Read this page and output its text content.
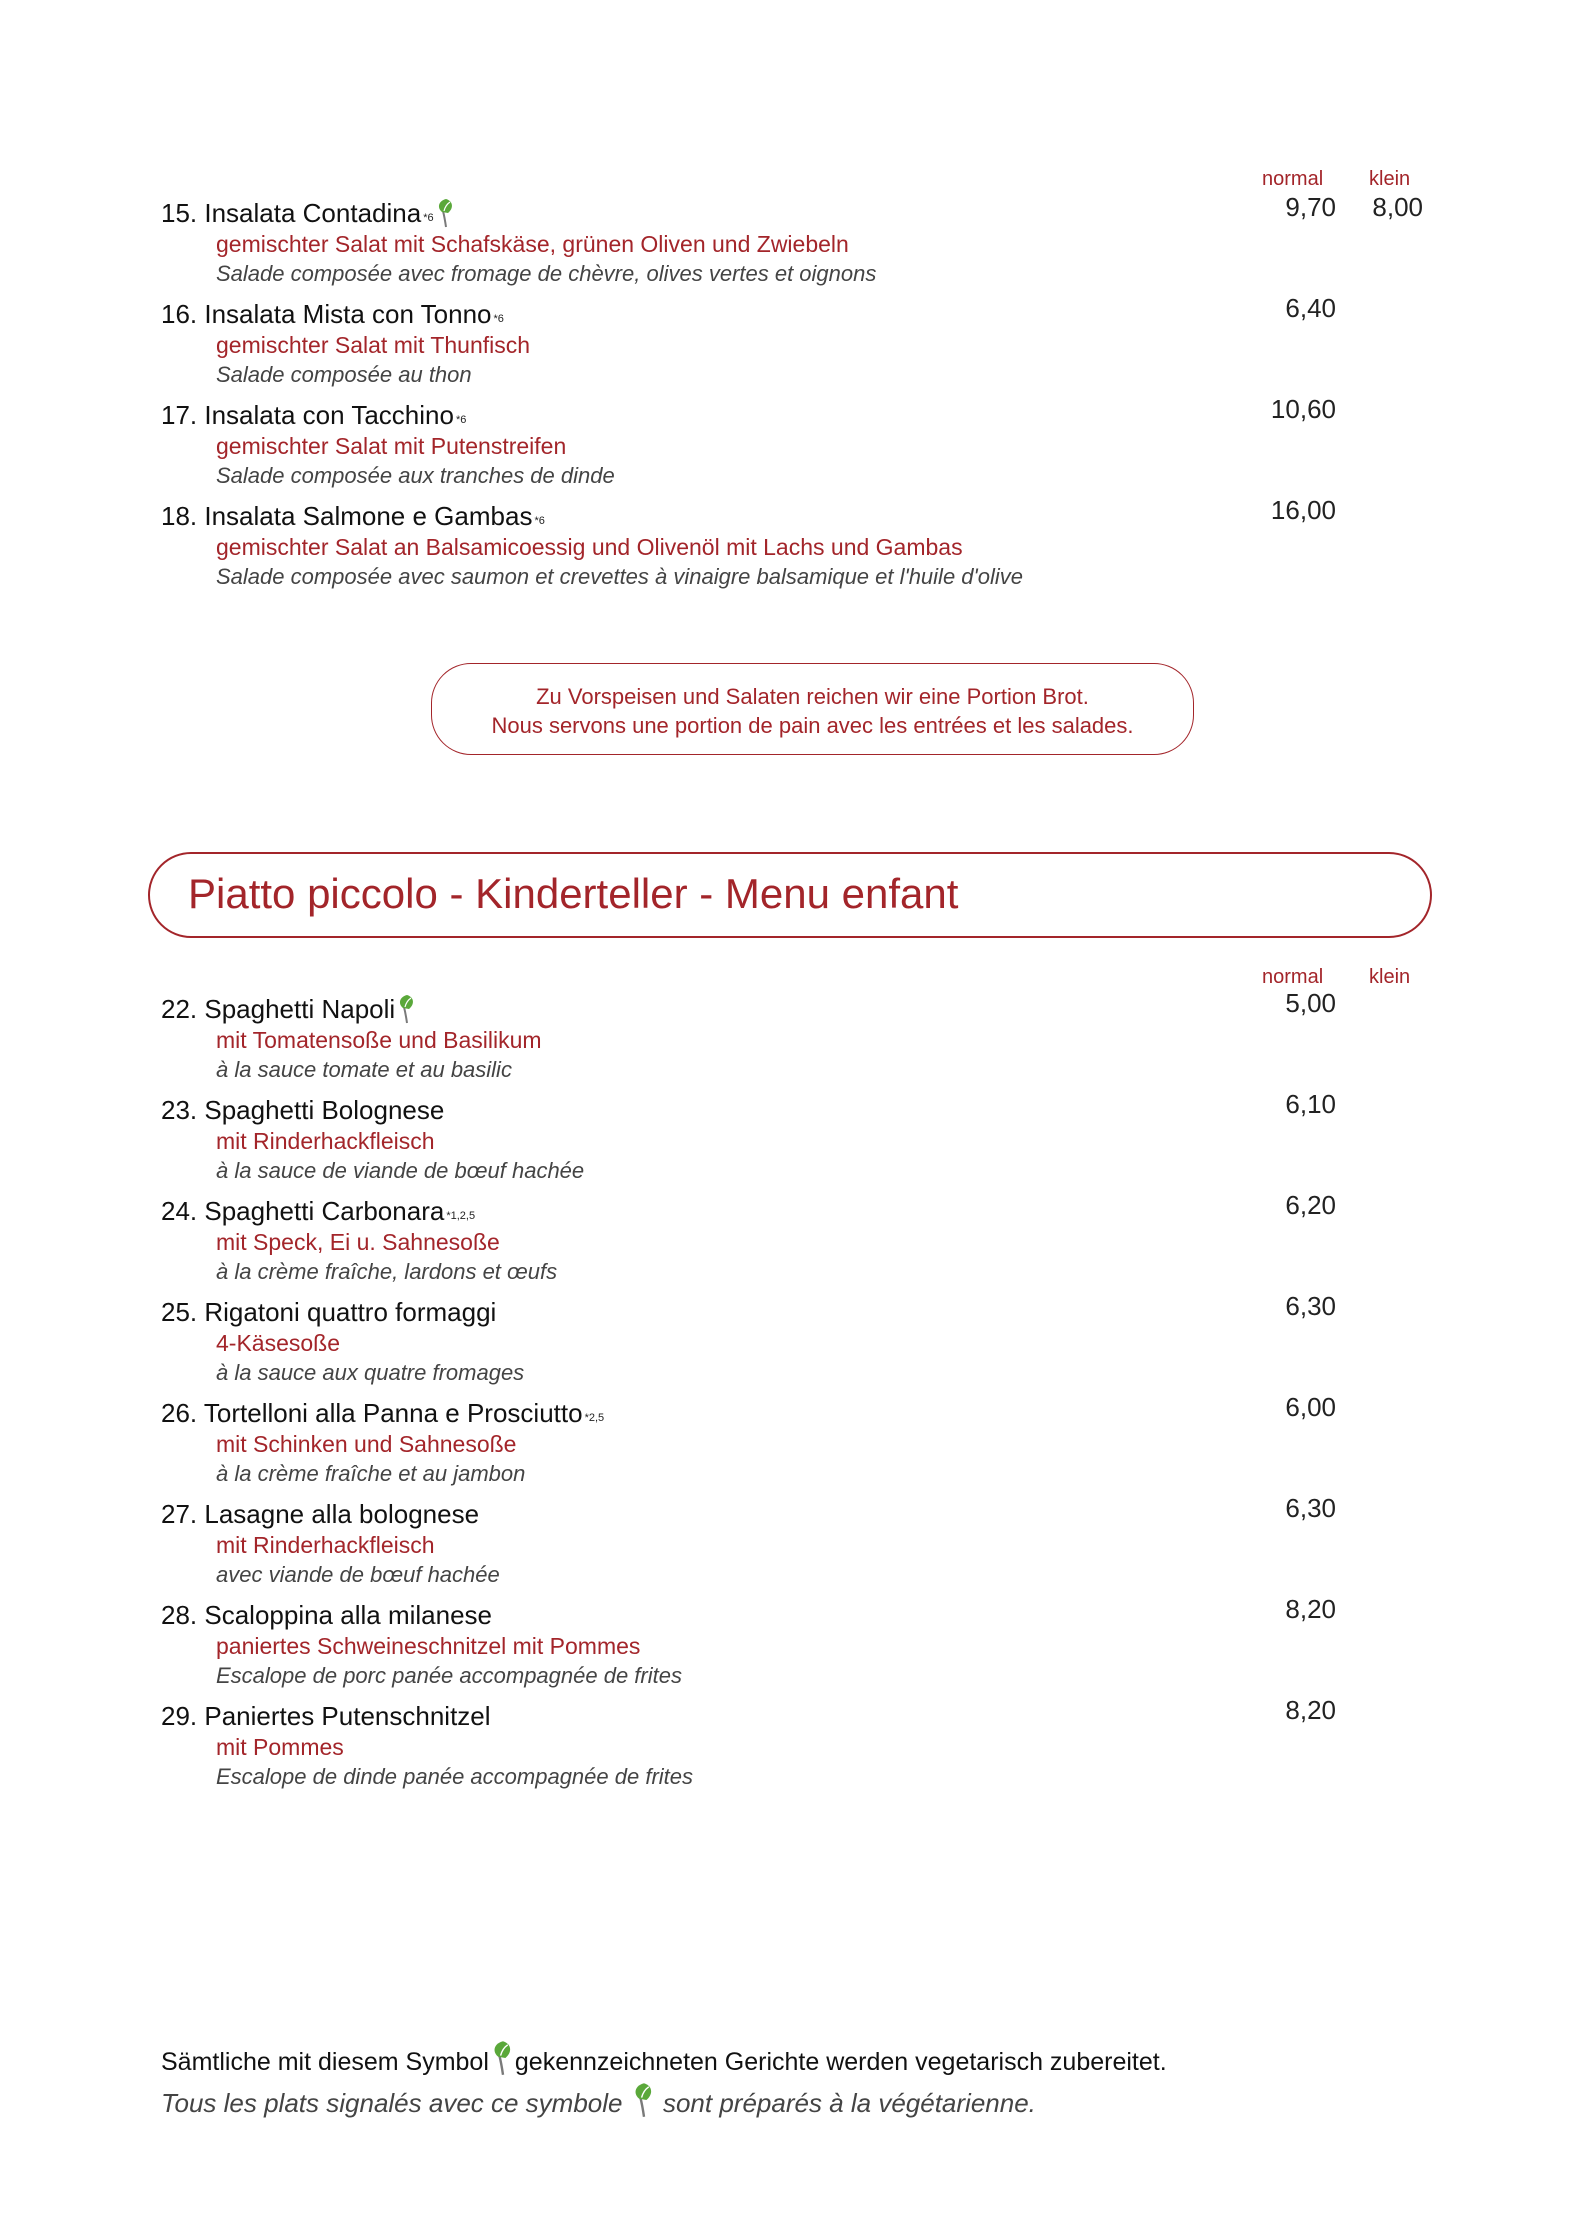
normal klein
15. Insalata Contadina *6
gemischter Salat mit Schafskäse, grünen Oliven und Zwiebeln
Salade composée avec fromage de chèvre, olives vertes et oignons
9,70	8,00
16. Insalata Mista con Tonno *6
gemischter Salat mit Thunfisch
Salade composée au thon
6,40
17. Insalata con Tacchino *6
gemischter Salat mit Putenstreifen
Salade composée aux tranches de dinde
10,60
18. Insalata Salmone e Gambas *6
gemischter Salat an Balsamicoessig und Olivenöl mit Lachs und Gambas
Salade composée avec saumon et crevettes à vinaigre balsamique et l'huile d'olive
16,00
Zu Vorspeisen und Salaten reichen wir eine Portion Brot.
Nous servons une portion de pain avec les entrées et les salades.
Piatto piccolo - Kinderteller - Menu enfant
normal klein
22. Spaghetti Napoli
mit Tomatensoße und Basilikum
à la sauce tomate et au basilic
5,00
23. Spaghetti Bolognese
mit Rinderhackfleisch
à la sauce de viande de bœuf hachée
6,10
24. Spaghetti Carbonara *1,2,5
mit Speck, Ei u. Sahnesoße
à la crème fraîche, lardons et œufs
6,20
25. Rigatoni quattro formaggi
4-Käsesoße
à la sauce aux quatre fromages
6,30
26. Tortelloni alla Panna e Prosciutto *2,5
mit Schinken und Sahnesoße
à la crème fraîche et au jambon
6,00
27. Lasagne alla bolognese
mit Rinderhackfleisch
avec viande de bœuf hachée
6,30
28. Scaloppina alla milanese
paniertes Schweineschnitzel mit Pommes
Escalope de porc panée accompagnée de frites
8,20
29. Paniertes Putenschnitzel
mit Pommes
Escalope de dinde panée accompagnée de frites
8,20
Sämtliche mit diesem Symbol gekennzeichneten Gerichte werden vegetarisch zubereitet.
Tous les plats signalés avec ce symbole sont préparés à la végétarienne.
